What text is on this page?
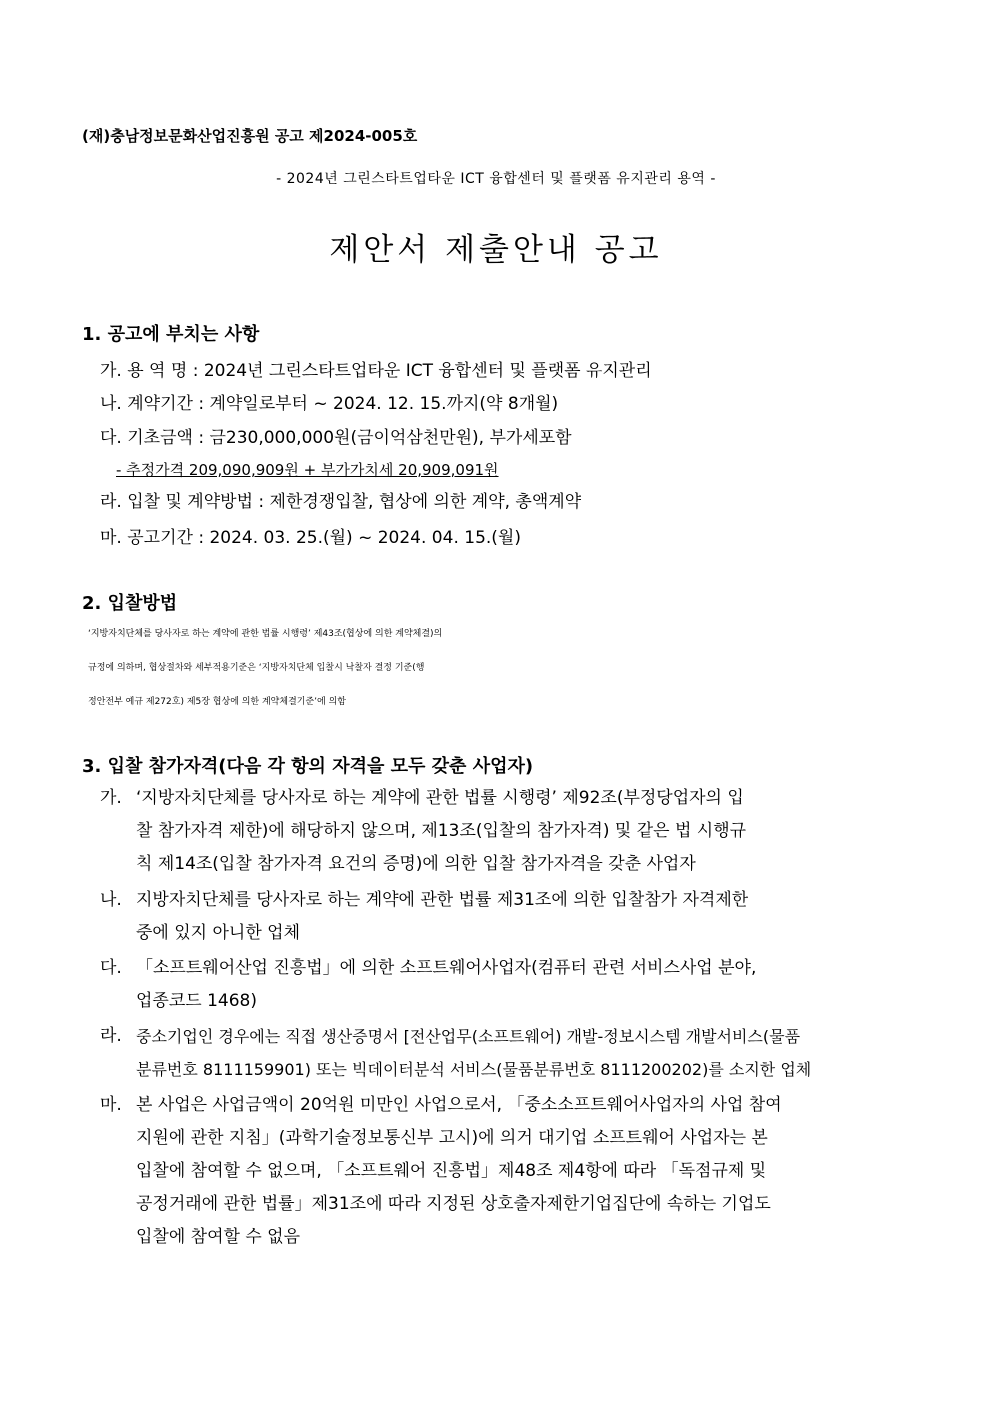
(재)충남정보문화산업진흥원 공고 제2024-005호
- 2024년 그린스타트업타운 ICT 융합센터 및 플랫폼 유지관리 용역 -
제안서 제출안내 공고
1. 공고에 부치는 사항
가. 용 역 명 : 2024년 그린스타트업타운 ICT 융합센터 및 플랫폼 유지관리
나. 계약기간 : 계약일로부터 ~ 2024. 12. 15.까지(약 8개월)
다. 기초금액 : 금230,000,000원(금이억삼천만원), 부가세포함
- 추정가격 209,090,909원 + 부가가치세 20,909,091원
라. 입찰 및 계약방법 : 제한경쟁입찰, 협상에 의한 계약, 총액계약
마. 공고기간 : 2024. 03. 25.(월) ~ 2024. 04. 15.(월)
2. 입찰방법
‘지방자치단체를 당사자로 하는 계약에 관한 법률 시행령’ 제43조(협상에 의한 계약체결)의
규정에 의하며, 협상절차와 세부적용기준은 ‘지방자치단체 입찰시 낙찰자 결정 기준(행
정안전부 예규 제272호) 제5장 협상에 의한 계약체결기준’에 의함
3. 입찰 참가자격(다음 각 항의 자격을 모두 갖춘 사업자)
가. ‘지방자치단체를 당사자로 하는 계약에 관한 법률 시행령’ 제92조(부정당업자의 입
찰 참가자격 제한)에 해당하지 않으며, 제13조(입찰의 참가자격) 및 같은 법 시행규
칙 제14조(입찰 참가자격 요건의 증명)에 의한 입찰 참가자격을 갖춘 사업자
나. 지방자치단체를 당사자로 하는 계약에 관한 법률 제31조에 의한 입찰참가 자격제한
중에 있지 아니한 업체
다. 「소프트웨어산업 진흥법」에 의한 소프트웨어사업자(컴퓨터 관련 서비스사업 분야,
업종코드 1468)
라. 중소기업인 경우에는 직접 생산증명서 [전산업무(소프트웨어) 개발-정보시스템 개발서비스(물품
분류번호 8111159901) 또는 빅데이터분석 서비스(물품분류번호 8111200202)를 소지한 업체
마. 본 사업은 사업금액이 20억원 미만인 사업으로서, 「중소소프트웨어사업자의 사업 참여
지원에 관한 지침」(과학기술정보통신부 고시)에 의거 대기업 소프트웨어 사업자는 본
입찰에 참여할 수 없으며, 「소프트웨어 진흥법」제48조 제4항에 따라 「독점규제 및
공정거래에 관한 법률」제31조에 따라 지정된 상호출자제한기업집단에 속하는 기업도
입찰에 참여할 수 없음
